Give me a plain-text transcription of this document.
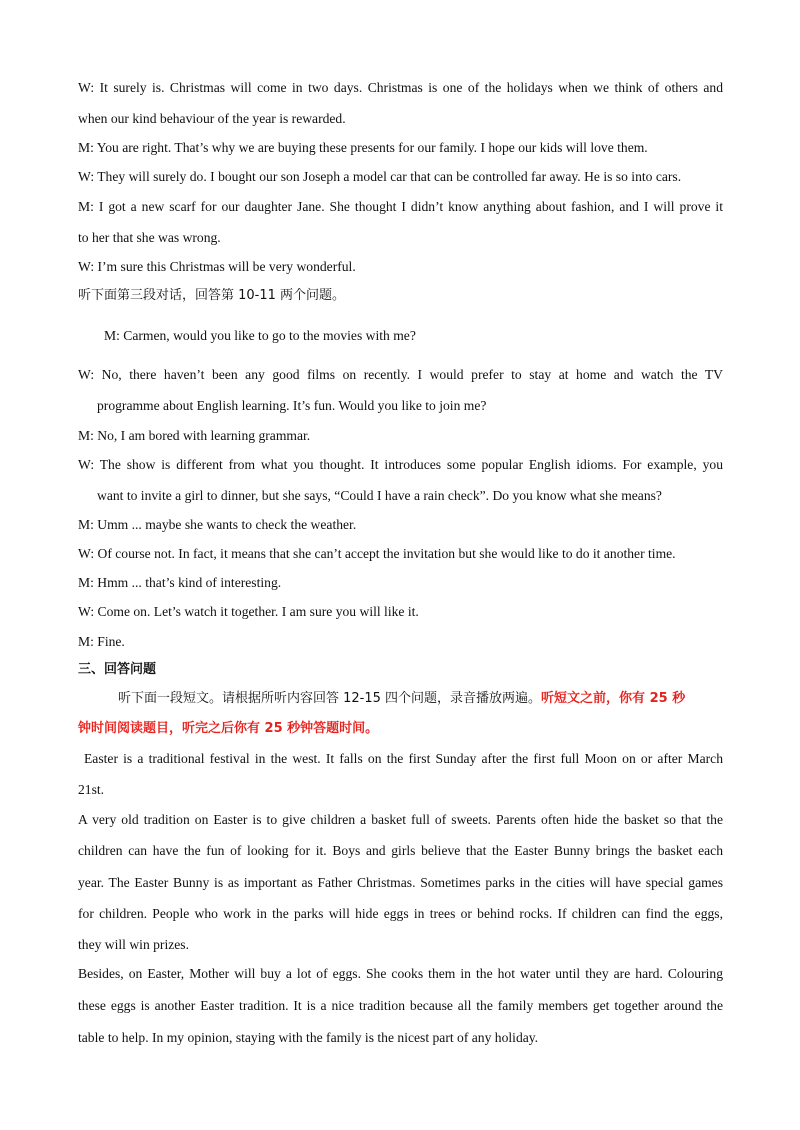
W: It surely is. Christmas will come in two days. Christmas is one of the holidays when we think of others and
when our kind behaviour of the year is rewarded.
M: You are right. That’s why we are buying these presents for our family. I hope our kids will love them.
W: They will surely do. I bought our son Joseph a model car that can be controlled far away. He is so into cars.
M: I got a new scarf for our daughter Jane. She thought I didn’t know anything about fashion, and I will prove it
to her that she was wrong.
W: I’m sure this Christmas will be very wonderful.
听下面第三段对话，回答第 10-11 两个问题。
M: Carmen, would you like to go to the movies with me?
W: No, there haven’t been any good films on recently. I would prefer to stay at home and watch the TV
programme about English learning. It’s fun. Would you like to join me?
M: No, I am bored with learning grammar.
W: The show is different from what you thought. It introduces some popular English idioms. For example, you
want to invite a girl to dinner, but she says, “Could I have a rain check”. Do you know what she means?
M: Umm ... maybe she wants to check the weather.
W: Of course not. In fact, it means that she can’t accept the invitation but she would like to do it another time.
M: Hmm ... that’s kind of interesting.
W: Come on. Let’s watch it together. I am sure you will like it.
M: Fine.
三、回答问题
听下面一段短文。请根据所听内容回答 12-15 四个问题，录音播放两遍。听短文之前，你有 25 秒
钟时间阅读题目，听完之后你有 25 秒钟答题时间。
Easter is a traditional festival in the west. It falls on the first Sunday after the first full Moon on or after March
21st.
A very old tradition on Easter is to give children a basket full of sweets. Parents often hide the basket so that the
children can have the fun of looking for it. Boys and girls believe that the Easter Bunny brings the basket each
year. The Easter Bunny is as important as Father Christmas. Sometimes parks in the cities will have special games
for children. People who work in the parks will hide eggs in trees or behind rocks. If children can find the eggs,
they will win prizes.
Besides, on Easter, Mother will buy a lot of eggs. She cooks them in the hot water until they are hard. Colouring
these eggs is another Easter tradition. It is a nice tradition because all the family members get together around the
table to help. In my opinion, staying with the family is the nicest part of any holiday.
